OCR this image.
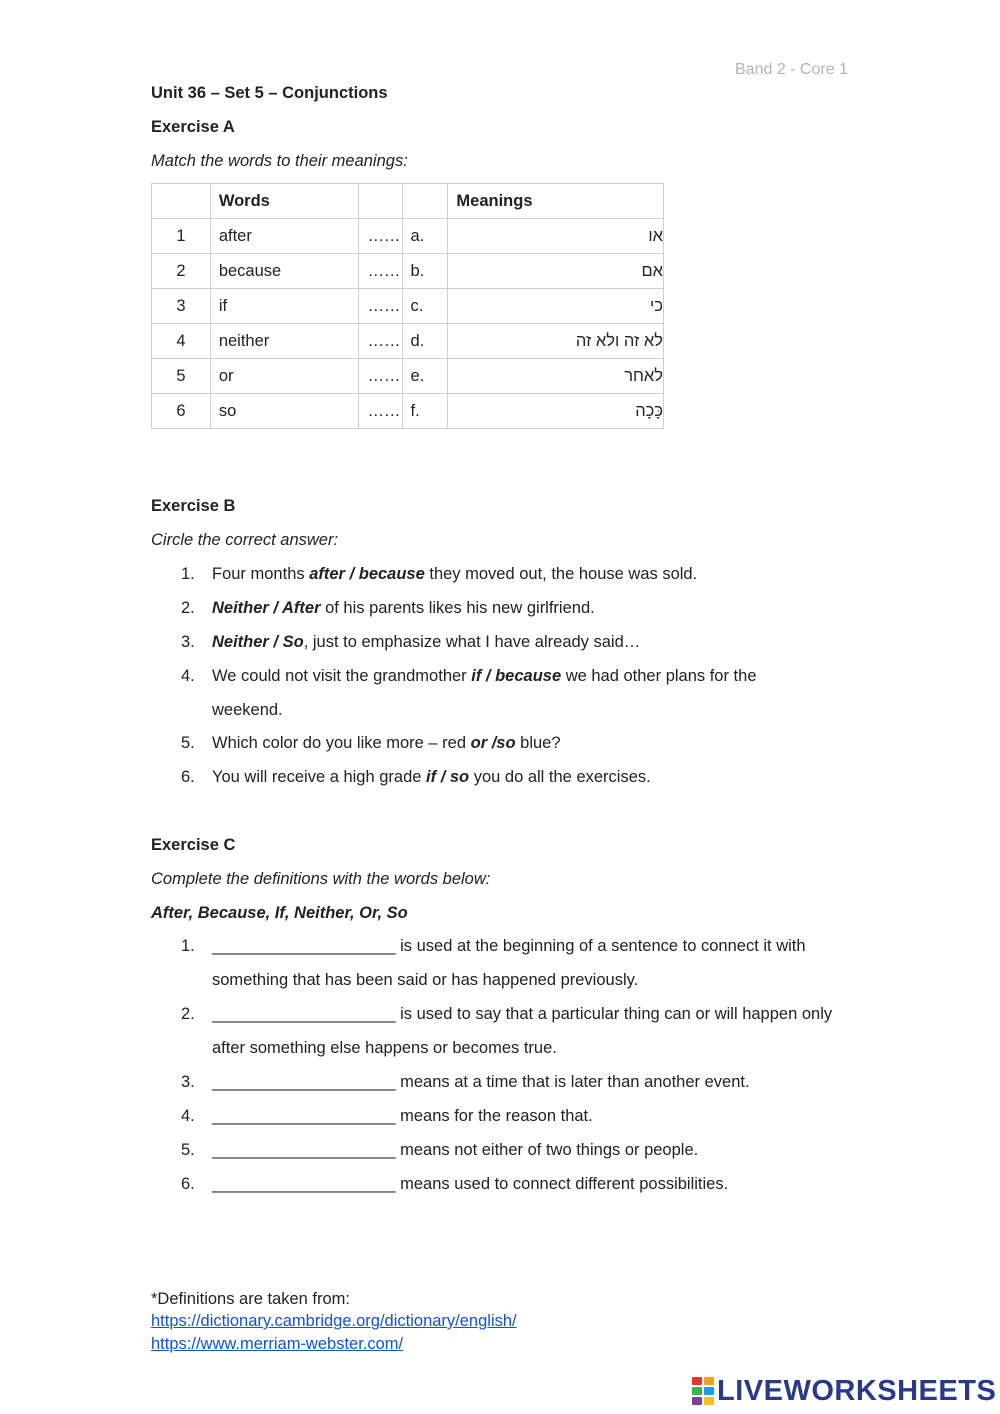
Band 2 - Core 1
Unit 36 – Set 5 – Conjunctions
Exercise A
Match the words to their meanings:
	Words			Meanings
1	after	……	a.	או
2	because	……	b.	אם
3	if	……	c.	כי
4	neither	……	d.	לא זה ולא זה
5	or	……	e.	לאחר
6	so	……	f.	כָּכָה
Exercise B
Circle the correct answer:
1.	Four months after / because they moved out, the house was sold.
2.	Neither / After of his parents likes his new girlfriend.
3.	Neither / So, just to emphasize what I have already said…
4.	We could not visit the grandmother if / because we had other plans for the
weekend.
5.	Which color do you like more – red or /so blue?
6.	You will receive a high grade if / so you do all the exercises.
Exercise C
Complete the definitions with the words below:
After, Because, If, Neither, Or, So
1.	____________________ is used at the beginning of a sentence to connect it with
something that has been said or has happened previously.
2.	____________________ is used to say that a particular thing can or will happen only
after something else happens or becomes true.
3.	____________________ means at a time that is later than another event.
4.	____________________ means for the reason that.
5.	____________________ means not either of two things or people.
6.	____________________ means used to connect different possibilities.
*Definitions are taken from:
https://dictionary.cambridge.org/dictionary/english/
https://www.merriam-webster.com/
LIVEWORKSHEETS
